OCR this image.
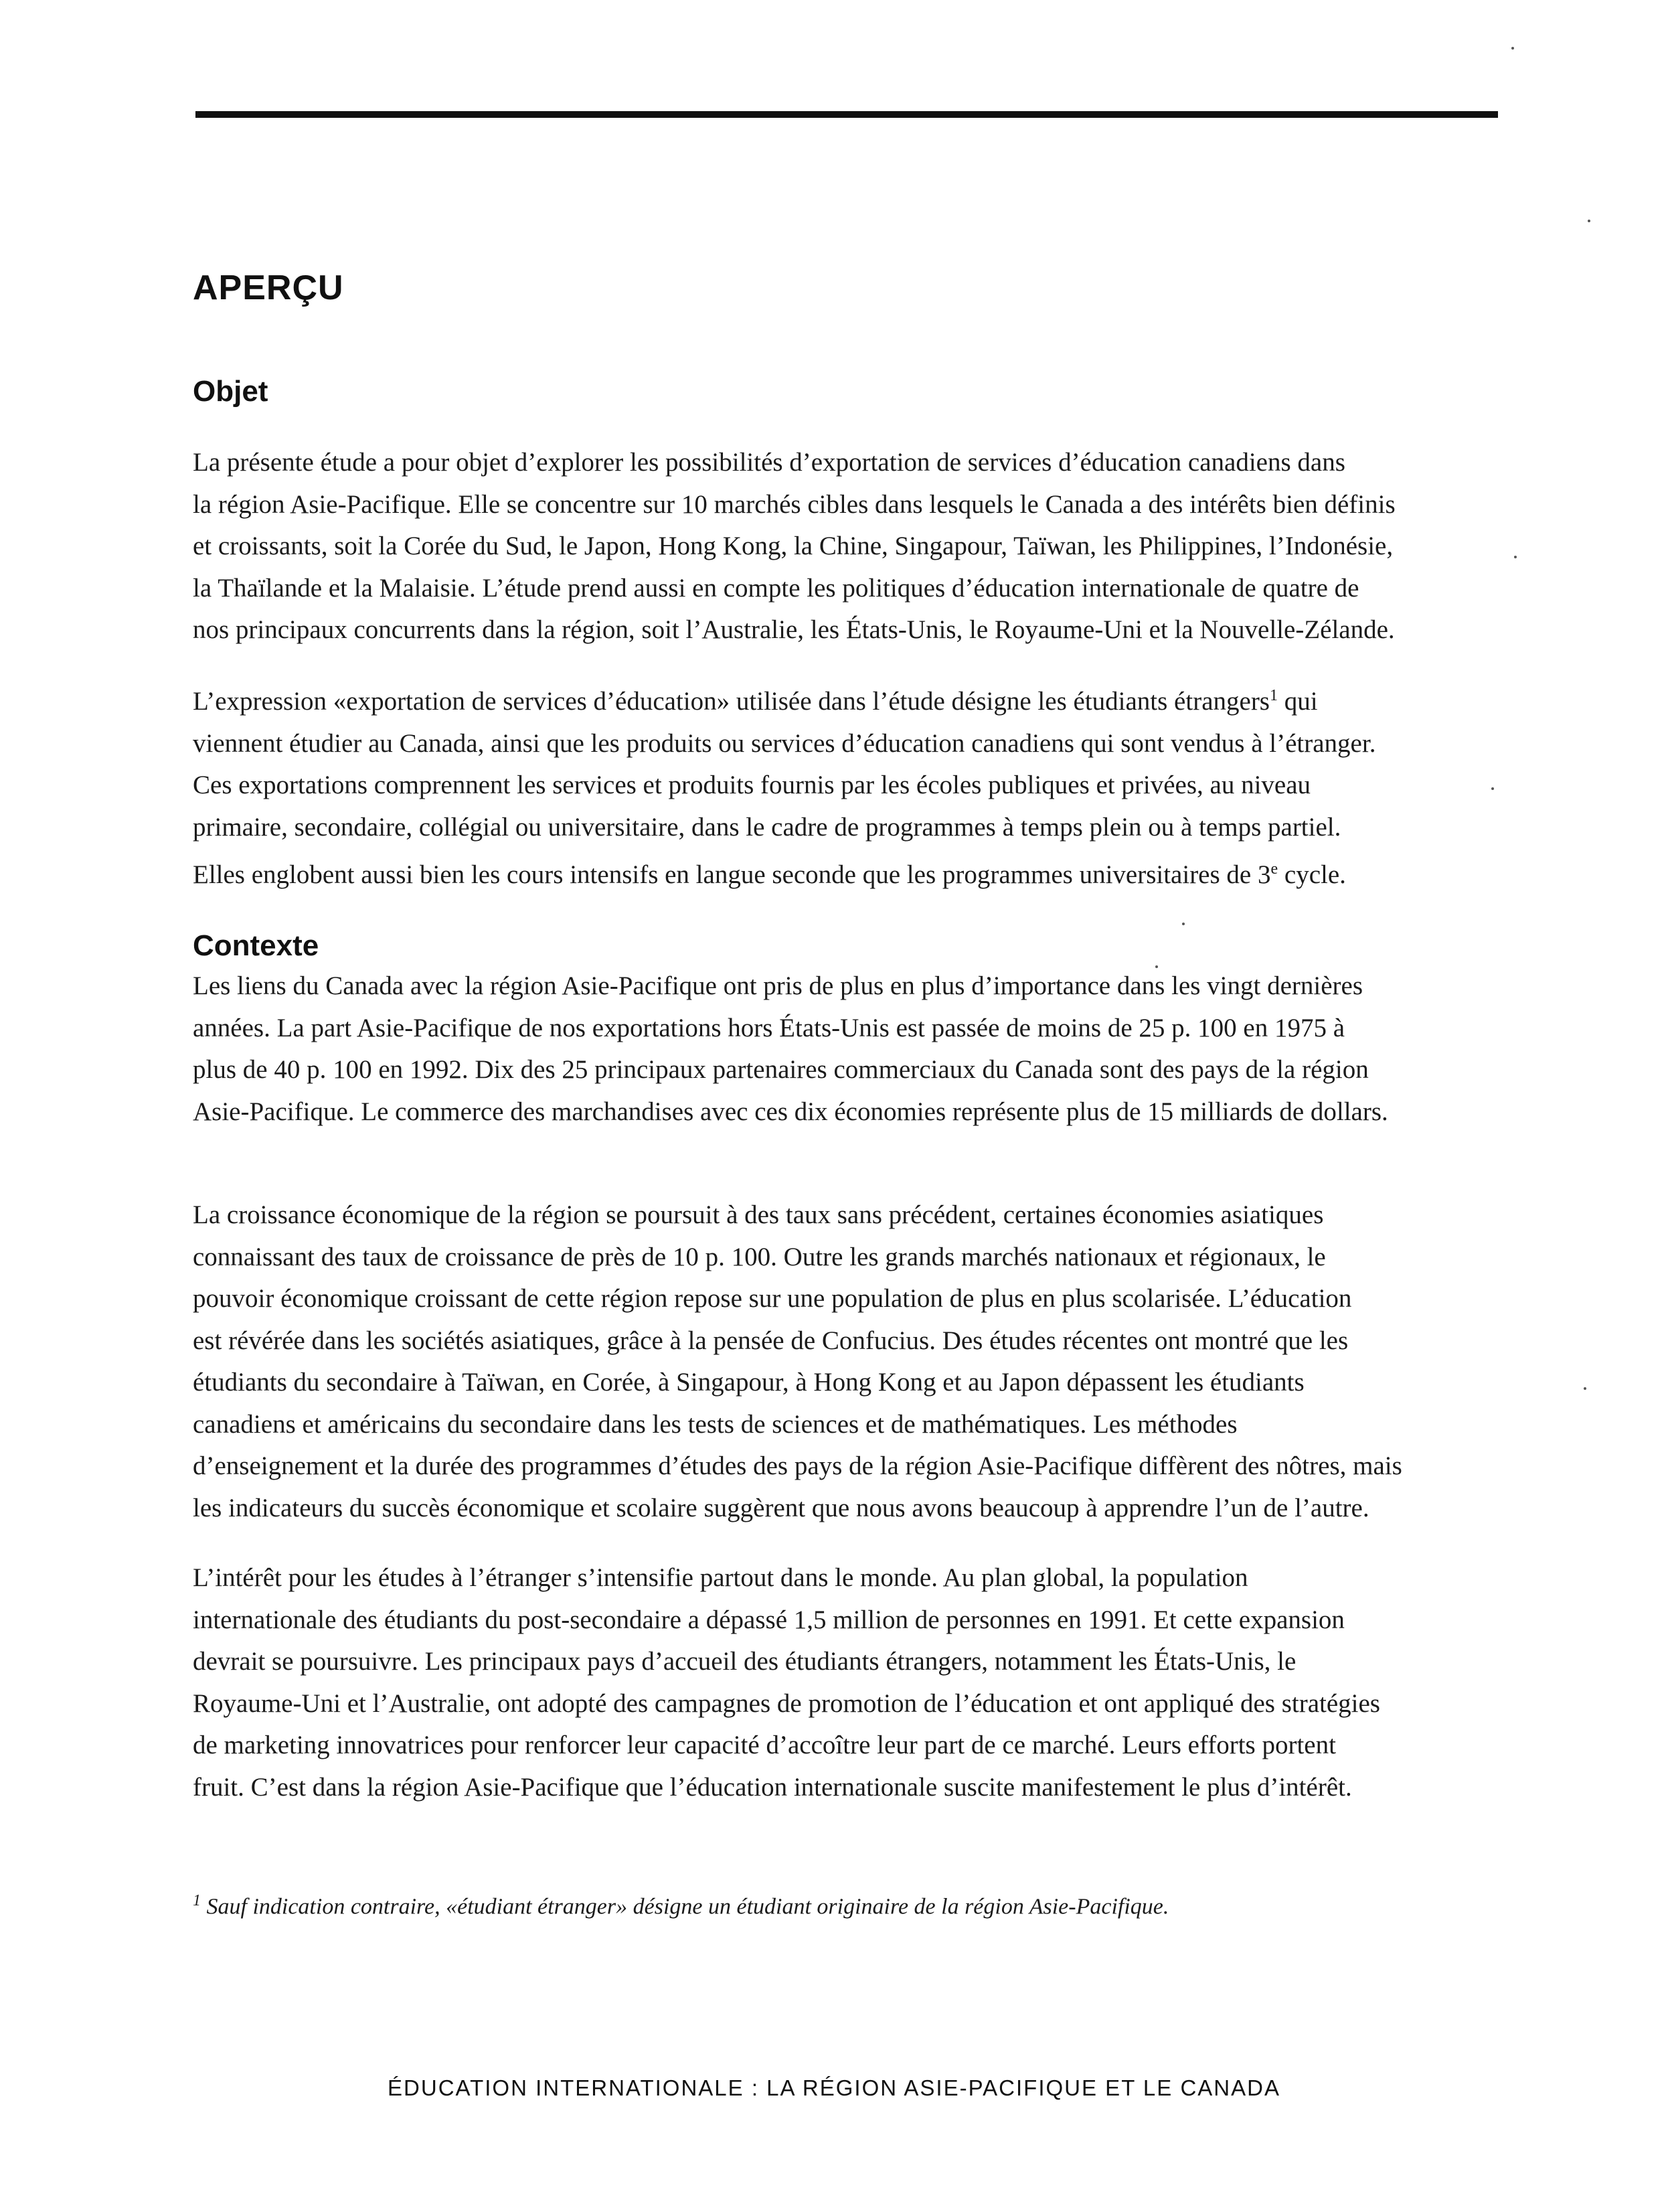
APERÇU
Objet

La présente étude a pour objet d’explorer les possibilités d’exportation de services d’éducation canadiens dans
la région Asie-Pacifique. Elle se concentre sur 10 marchés cibles dans lesquels le Canada a des intérêts bien définis
et croissants, soit la Corée du Sud, le Japon, Hong Kong, la Chine, Singapour, Taïwan, les Philippines, l’Indonésie,
la Thaïlande et la Malaisie. L’étude prend aussi en compte les politiques d’éducation internationale de quatre de
nos principaux concurrents dans la région, soit l’Australie, les États-Unis, le Royaume-Uni et la Nouvelle-Zélande.

L’expression «exportation de services d’éducation» utilisée dans l’étude désigne les étudiants étrangers$^1$ qui
viennent étudier au Canada, ainsi que les produits ou services d’éducation canadiens qui sont vendus à l’étranger.
Ces exportations comprennent les services et produits fournis par les écoles publiques et privées, au niveau
primaire, secondaire, collégial ou universitaire, dans le cadre de programmes à temps plein ou à temps partiel.
Elles englobent aussi bien les cours intensifs en langue seconde que les programmes universitaires de 3e cycle.

Contexte

Les liens du Canada avec la région Asie-Pacifique ont pris de plus en plus d’importance dans les vingt dernières
années. La part Asie-Pacifique de nos exportations hors États-Unis est passée de moins de 25 p. 100 en 1975 à
plus de 40 p. 100 en 1992. Dix des 25 principaux partenaires commerciaux du Canada sont des pays de la région
Asie-Pacifique. Le commerce des marchandises avec ces dix économies représente plus de 15 milliards de dollars.

La croissance économique de la région se poursuit à des taux sans précédent, certaines économies asiatiques
connaissant des taux de croissance de près de 10 p. 100. Outre les grands marchés nationaux et régionaux, le
pouvoir économique croissant de cette région repose sur une population de plus en plus scolarisée. L’éducation
est révérée dans les sociétés asiatiques, grâce à la pensée de Confucius. Des études récentes ont montré que les
étudiants du secondaire à Taïwan, en Corée, à Singapour, à Hong Kong et au Japon dépassent les étudiants
canadiens et américains du secondaire dans les tests de sciences et de mathématiques. Les méthodes
d’enseignement et la durée des programmes d’études des pays de la région Asie-Pacifique diffèrent des nôtres, mais
les indicateurs du succès économique et scolaire suggèrent que nous avons beaucoup à apprendre l’un de l’autre.

L’intérêt pour les études à l’étranger s’intensifie partout dans le monde. Au plan global, la population
internationale des étudiants du post-secondaire a dépassé 1,5 million de personnes en 1991. Et cette expansion
devrait se poursuivre. Les principaux pays d’accueil des étudiants étrangers, notamment les États-Unis, le
Royaume-Uni et l’Australie, ont adopté des campagnes de promotion de l’éducation et ont appliqué des stratégies
de marketing innovatrices pour renforcer leur capacité d’accoître leur part de ce marché. Leurs efforts portent
fruit. C’est dans la région Asie-Pacifique que l’éducation internationale suscite manifestement le plus d’intérêt.

$^1$ Sauf indication contraire, «étudiant étranger» désigne un étudiant originaire de la région Asie-Pacifique.

ÉDUCATION INTERNATIONALE : LA RÉGION ASIE-PACIFIQUE ET LE CANADA
